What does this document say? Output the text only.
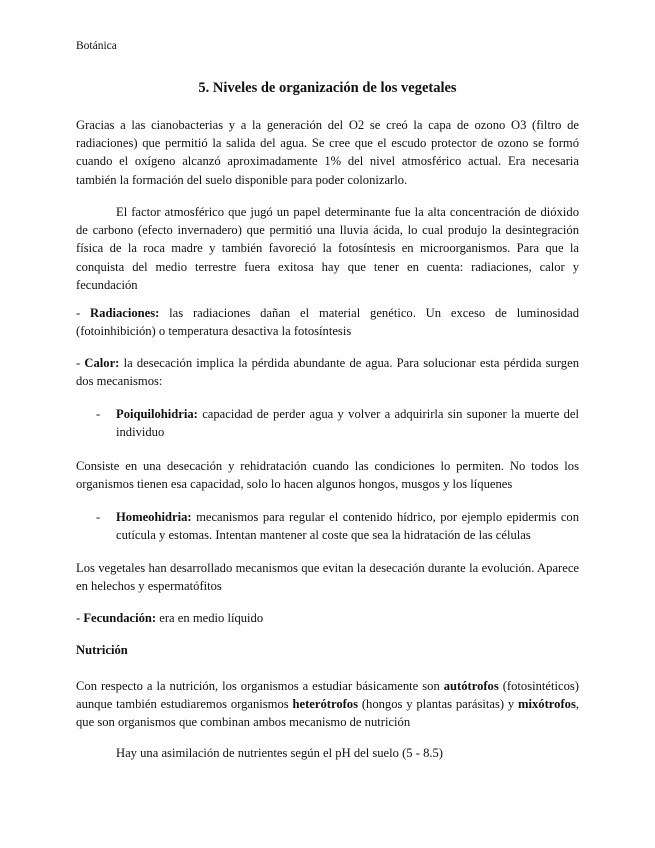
Botánica
5. Niveles de organización de los vegetales
Gracias a las cianobacterias y a la generación del O2 se creó la capa de ozono O3 (filtro de radiaciones) que permitió la salida del agua. Se cree que el escudo protector de ozono se formó cuando el oxígeno alcanzó aproximadamente 1% del nivel atmosférico actual. Era necesaria también la formación del suelo disponible para poder colonizarlo.
El factor atmosférico que jugó un papel determinante fue la alta concentración de dióxido de carbono (efecto invernadero) que permitió una lluvia ácida, lo cual produjo la desintegración física de la roca madre y también favoreció la fotosíntesis en microorganismos. Para que la conquista del medio terrestre fuera exitosa hay que tener en cuenta: radiaciones, calor y fecundación
- Radiaciones: las radiaciones dañan el material genético. Un exceso de luminosidad (fotoinhibición) o temperatura desactiva la fotosíntesis
- Calor: la desecación implica la pérdida abundante de agua. Para solucionar esta pérdida surgen dos mecanismos:
- Poiquilohidria: capacidad de perder agua y volver a adquirirla sin suponer la muerte del individuo
Consiste en una desecación y rehidratación cuando las condiciones lo permiten. No todos los organismos tienen esa capacidad, solo lo hacen algunos hongos, musgos y los líquenes
- Homeohidria: mecanismos para regular el contenido hídrico, por ejemplo epidermis con cutícula y estomas. Intentan mantener al coste que sea la hidratación de las células
Los vegetales han desarrollado mecanismos que evitan la desecación durante la evolución. Aparece en helechos y espermatófitos
- Fecundación: era en medio líquido
Nutrición
Con respecto a la nutrición, los organismos a estudiar básicamente son autótrofos (fotosintéticos) aunque también estudiaremos organismos heterótrofos (hongos y plantas parásitas) y mixótrofos, que son organismos que combinan ambos mecanismo de nutrición
Hay una asimilación de nutrientes según el pH del suelo (5 - 8.5)
